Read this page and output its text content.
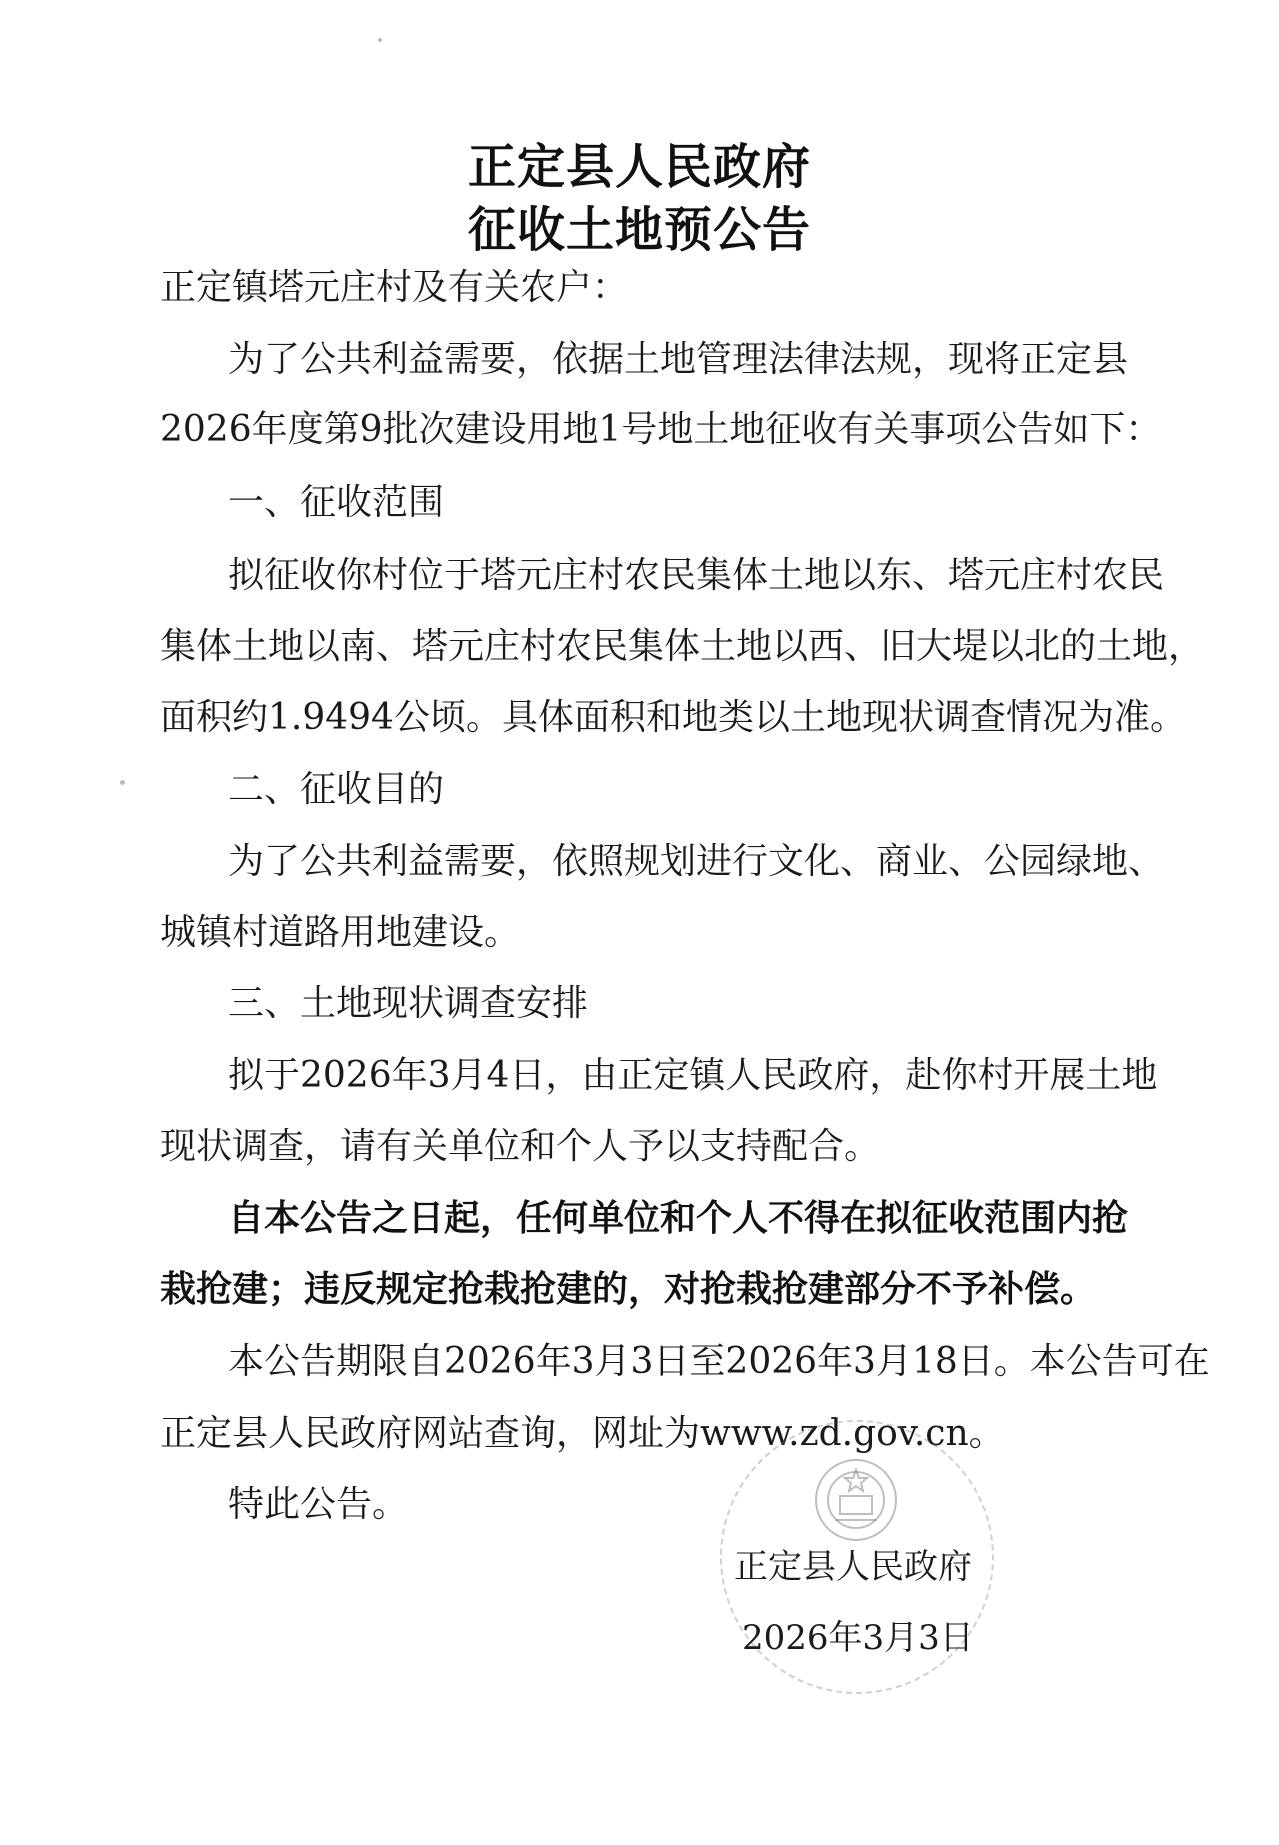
正定县人民政府
征收土地预公告
正定镇塔元庄村及有关农户：
为了公共利益需要，依据土地管理法律法规，现将正定县
2026年度第9批次建设用地1号地土地征收有关事项公告如下：
一、征收范围
拟征收你村位于塔元庄村农民集体土地以东、塔元庄村农民
集体土地以南、塔元庄村农民集体土地以西、旧大堤以北的土地，
面积约1.9494公顷。具体面积和地类以土地现状调查情况为准。
二、征收目的
为了公共利益需要，依照规划进行文化、商业、公园绿地、
城镇村道路用地建设。
三、土地现状调查安排
拟于2026年3月4日，由正定镇人民政府，赴你村开展土地
现状调查，请有关单位和个人予以支持配合。
自本公告之日起，任何单位和个人不得在拟征收范围内抢
栽抢建；违反规定抢栽抢建的，对抢栽抢建部分不予补偿。
本公告期限自2026年3月3日至2026年3月18日。本公告可在
正定县人民政府网站查询，网址为www.zd.gov.cn。
特此公告。
正定县人民政府
2026年3月3日
